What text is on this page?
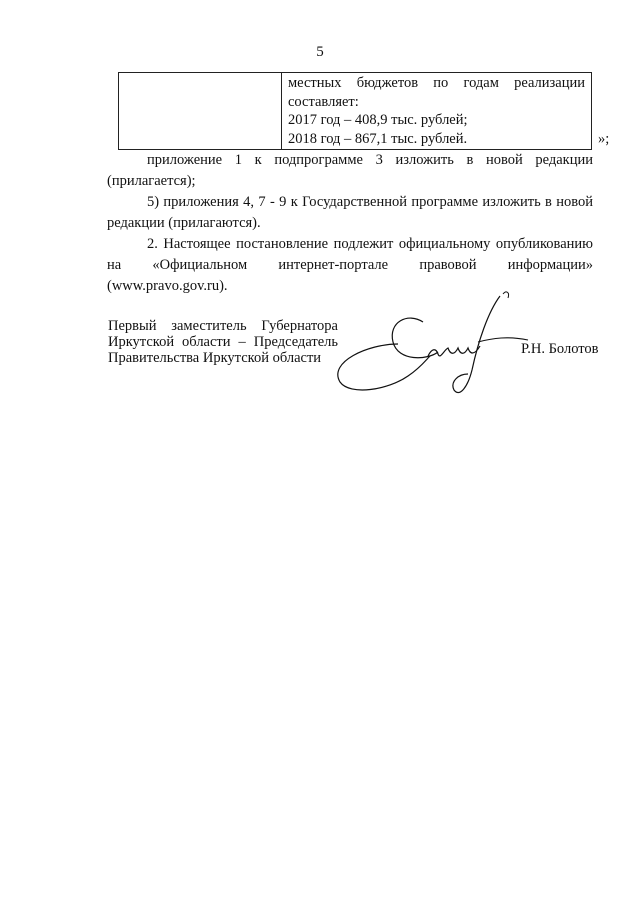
5

местных бюджетов по годам реализации
составляет:
2017 год – 408,9 тыс. рублей;
2018 год – 867,1 тыс. рублей.	»;
приложение 1 к подпрограмме 3 изложить в новой редакции
(прилагается);
5) приложения 4, 7 - 9 к Государственной программе изложить в новой
редакции (прилагаются).
2. Настоящее постановление подлежит официальному опубликованию
на «Официальном интернет-портале правовой информации»
(www.pravo.gov.ru).
Первый заместитель Губернатора
Иркутской области – Председатель
Правительства Иркутской области
Р.Н. Болотов
